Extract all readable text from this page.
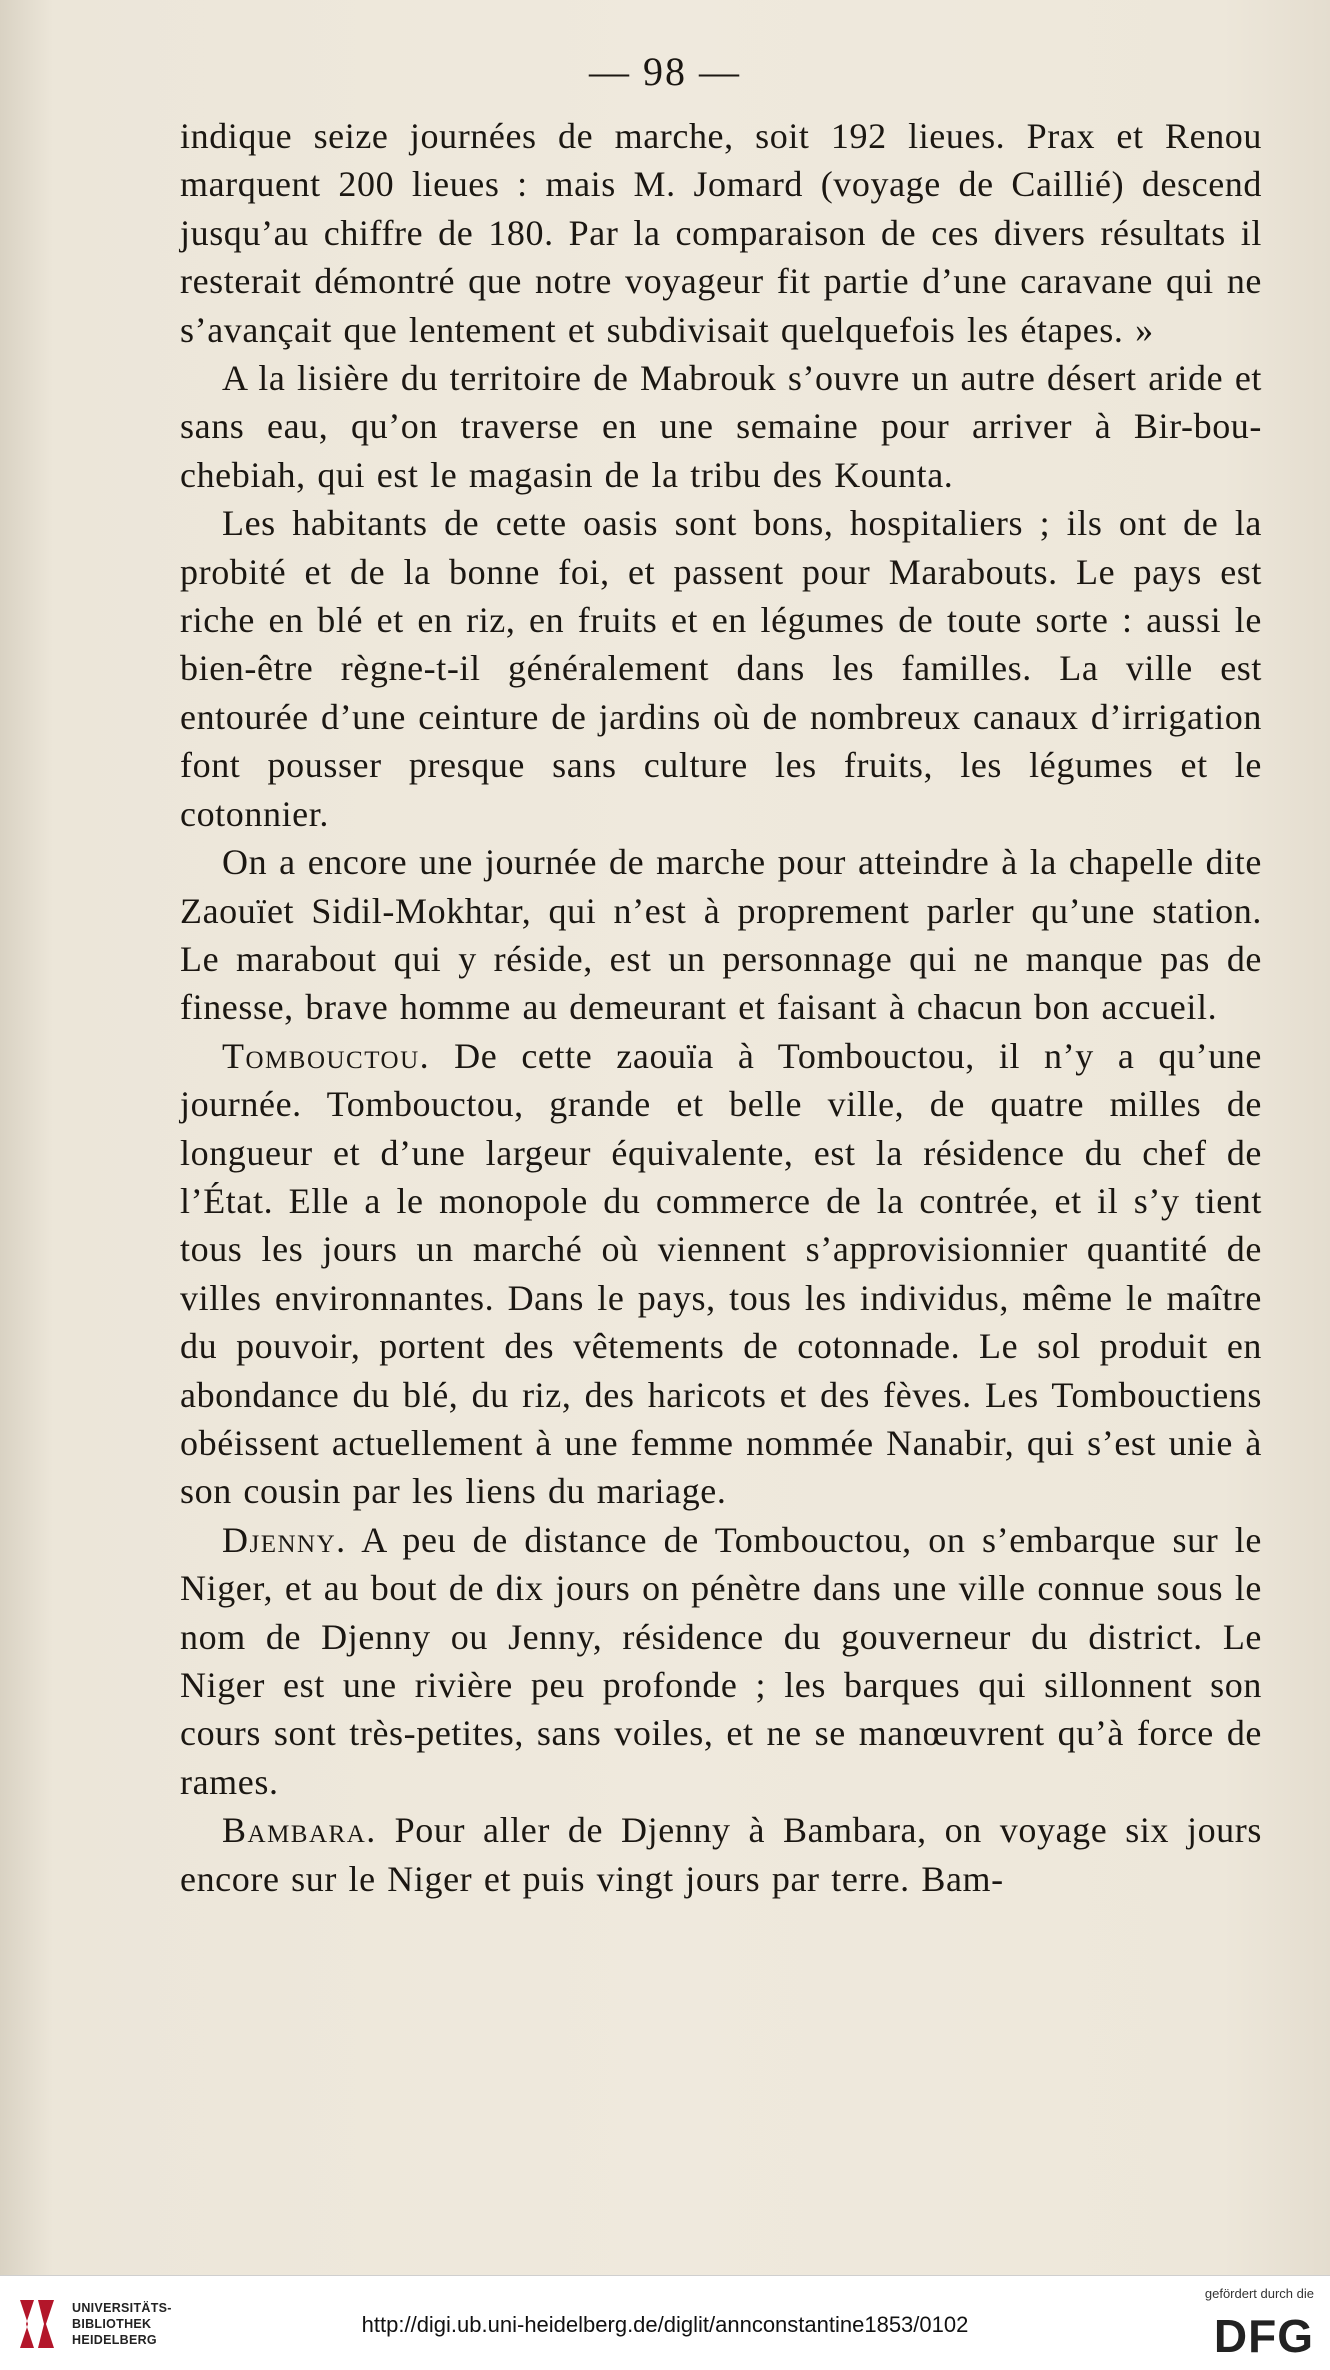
— 98 —

indique seize journées de marche, soit 192 lieues. Prax et Renou marquent 200 lieues : mais M. Jomard (voyage de Caillié) descend jusqu’au chiffre de 180. Par la comparaison de ces divers résultats il resterait démontré que notre voyageur fit partie d’une caravane qui ne s’avançait que lentement et subdivisait quelquefois les étapes. »

A la lisière du territoire de Mabrouk s’ouvre un autre désert aride et sans eau, qu’on traverse en une semaine pour arriver à Bir-bou-chebiah, qui est le magasin de la tribu des Kounta.

Les habitants de cette oasis sont bons, hospitaliers ; ils ont de la probité et de la bonne foi, et passent pour Marabouts. Le pays est riche en blé et en riz, en fruits et en légumes de toute sorte : aussi le bien-être règne-t-il généralement dans les familles. La ville est entourée d’une ceinture de jardins où de nombreux canaux d’irrigation font pousser presque sans culture les fruits, les légumes et le cotonnier.

On a encore une journée de marche pour atteindre à la chapelle dite Zaouïet Sidil-Mokhtar, qui n’est à proprement parler qu’une station. Le marabout qui y réside, est un personnage qui ne manque pas de finesse, brave homme au demeurant et faisant à chacun bon accueil.

Tombouctou. De cette zaouïa à Tombouctou, il n’y a qu’une journée. Tombouctou, grande et belle ville, de quatre milles de longueur et d’une largeur équivalente, est la résidence du chef de l’État. Elle a le monopole du commerce de la contrée, et il s’y tient tous les jours un marché où viennent s’approvisionnier quantité de villes environnantes. Dans le pays, tous les individus, même le maître du pouvoir, portent des vêtements de cotonnade. Le sol produit en abondance du blé, du riz, des haricots et des fèves. Les Tombouctiens obéissent actuellement à une femme nommée Nanabir, qui s’est unie à son cousin par les liens du mariage.

Djenny. A peu de distance de Tombouctou, on s’embarque sur le Niger, et au bout de dix jours on pénètre dans une ville connue sous le nom de Djenny ou Jenny, résidence du gouverneur du district. Le Niger est une rivière peu profonde ; les barques qui sillonnent son cours sont très-petites, sans voiles, et ne se manœuvrent qu’à force de rames.

Bambara. Pour aller de Djenny à Bambara, on voyage six jours encore sur le Niger et puis vingt jours par terre. Bam-

UNIVERSITÄTS-
BIBLIOTHEK
HEIDELBERG
http://digi.ub.uni-heidelberg.de/diglit/annconstantine1853/0102
gefördert durch die
DFG
